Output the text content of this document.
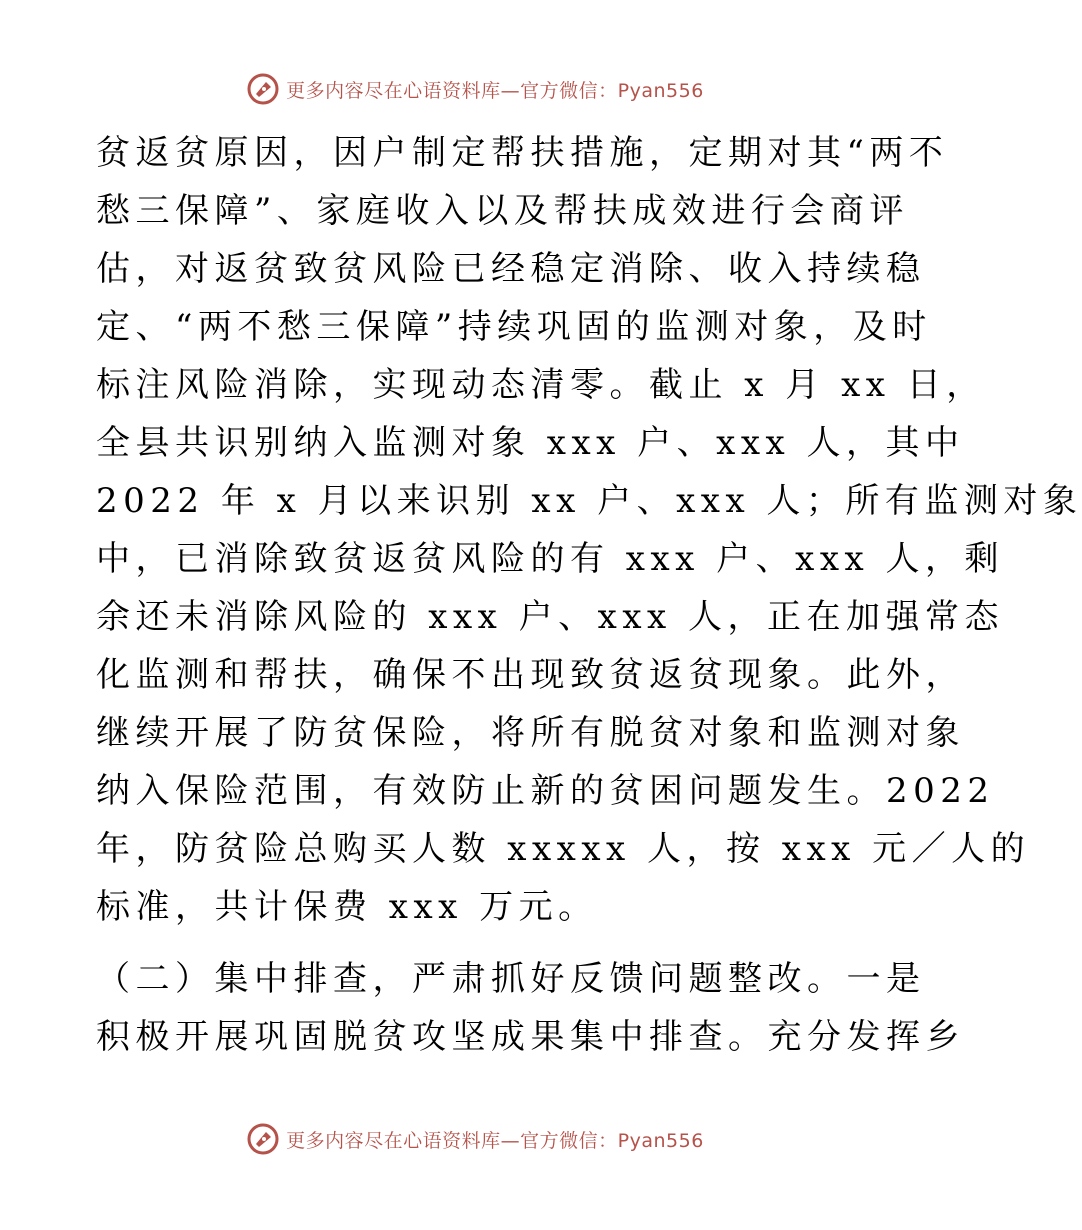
更多内容尽在心语资料库—官方微信：Pyan556
贫返贫原因，因户制定帮扶措施，定期对其“两不
愁三保障”、家庭收入以及帮扶成效进行会商评
估，对返贫致贫风险已经稳定消除、收入持续稳
定、“两不愁三保障”持续巩固的监测对象，及时
标注风险消除，实现动态清零。截止 x 月 xx 日，
全县共识别纳入监测对象 xxx 户、xxx 人，其中
2022 年 x 月以来识别 xx 户、xxx 人；所有监测对象
中，已消除致贫返贫风险的有 xxx 户、xxx 人，剩
余还未消除风险的 xxx 户、xxx 人，正在加强常态
化监测和帮扶，确保不出现致贫返贫现象。此外，
继续开展了防贫保险，将所有脱贫对象和监测对象
纳入保险范围，有效防止新的贫困问题发生。2022
年，防贫险总购买人数 xxxxx 人，按 xxx 元／人的
标准，共计保费 xxx 万元。
（二）集中排查，严肃抓好反馈问题整改。一是
积极开展巩固脱贫攻坚成果集中排查。充分发挥乡
更多内容尽在心语资料库—官方微信：Pyan556
